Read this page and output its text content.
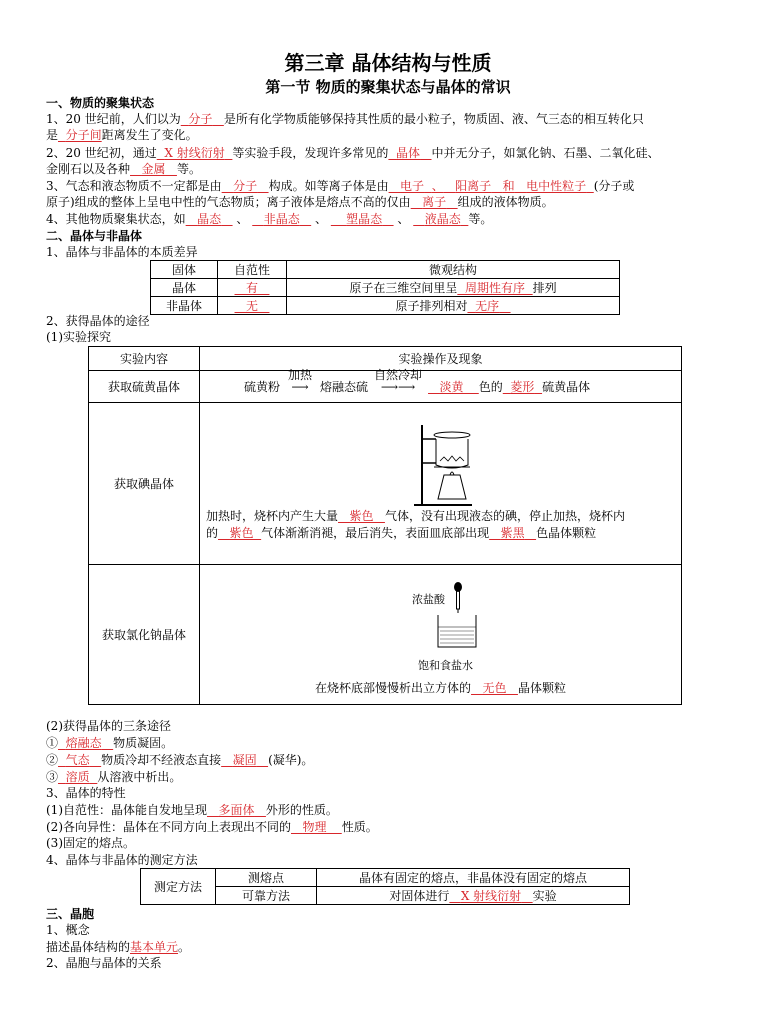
第三章 晶体结构与性质
第一节 物质的聚集状态与晶体的常识
一、物质的聚集状态
1、20 世纪前，人们以为 分子 是所有化学物质能够保持其性质的最小粒子，物质固、液、气三态的相互转化只
是 分子间距离发生了变化。
2、20 世纪初，通过 X 射线衍射 等实验手段，发现许多常见的 晶体 中并无分子，如氯化钠、石墨、二氧化硅、
金刚石以及各种 金属 等。
3、气态和液态物质不一定都是由 分子 构成。如等离子体是由 电子 、 阳离子 和 电中性粒子 (分子或
原子)组成的整体上呈电中性的气态物质；离子液体是熔点不高的仅由 离子 组成的液体物质。
4、其他物质聚集状态，如 晶态 、 非晶态 、 塑晶态 、 液晶态 等。
二、晶体与非晶体
1、晶体与非晶体的本质差异
固体	自范性	微观结构
晶体	有	原子在三维空间里呈 周期性有序 排列
非晶体	无	原子排列相对 无序
2、获得晶体的途径
(1)实验探究
实验内容	实验操作及现象
获取硫黄晶体	硫黄粉
加热
⟶ 熔融态硫
自然冷却
⟶⟶ 淡黄 色的 菱形 硫黄晶体
获取碘晶体	加热时，烧杯内产生大量 紫色 气体，没有出现液态的碘，停止加热，烧杯内
的 紫色 气体渐渐消褪，最后消失，表面皿底部出现 紫黑 色晶体颗粒

获取氯化钠晶体	浓盐酸
饱和食盐水
在烧杯底部慢慢析出立方体的 无色 晶体颗粒
(2)获得晶体的三条途径
① 熔融态 物质凝固。
② 气态 物质冷却不经液态直接 凝固 (凝华)。
③ 溶质 从溶液中析出。
3、晶体的特性
(1)自范性：晶体能自发地呈现 多面体 外形的性质。
(2)各向异性：晶体在不同方向上表现出不同的 物理 性质。
(3)固定的熔点。
4、晶体与非晶体的测定方法
测定方法	测熔点	晶体有固定的熔点，非晶体没有固定的熔点
	可靠方法	对固体进行 X 射线衍射 实验
三、晶胞
1、概念
描述晶体结构的基本单元。
2、晶胞与晶体的关系
